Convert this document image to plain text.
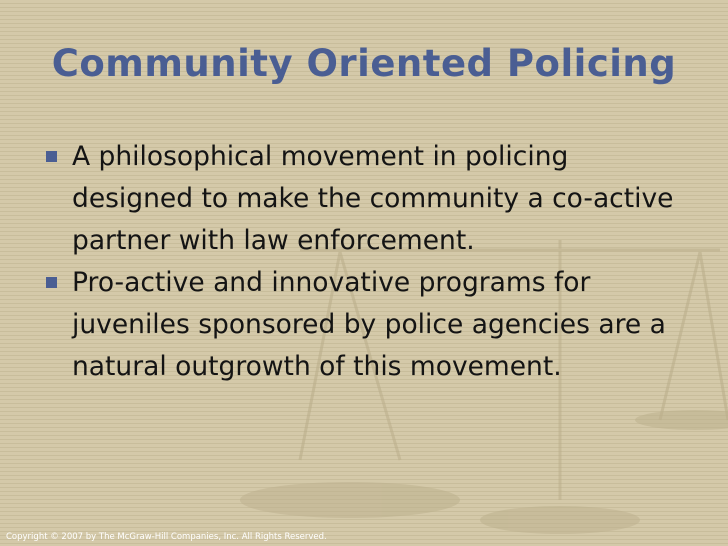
Community Oriented Policing
A philosophical movement in policing designed to make the community a co-active partner with law enforcement.
Pro-active and innovative programs for juveniles sponsored by police agencies are a natural outgrowth of this movement.
Copyright © 2007 by The McGraw-Hill Companies, Inc. All Rights Reserved.
